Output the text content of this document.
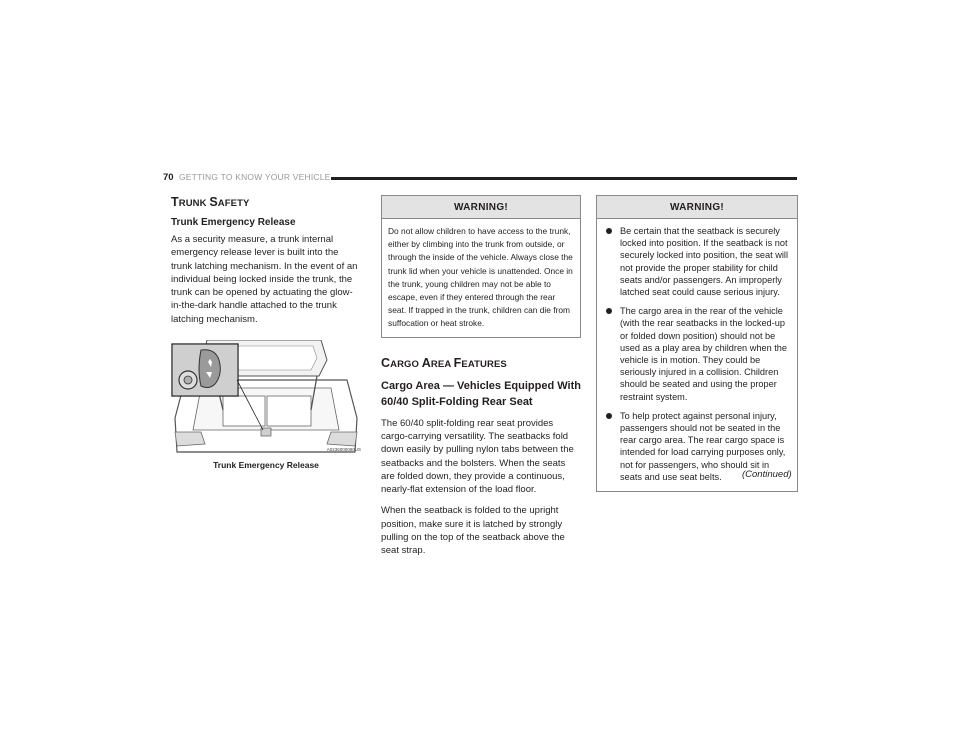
70 GETTING TO KNOW YOUR VEHICLE
TRUNK SAFETY
Trunk Emergency Release

As a security measure, a trunk internal emergency release lever is built into the trunk latching mechanism. In the event of an individual being locked inside the trunk, the trunk can be opened by actuating the glow-in-the-dark handle attached to the trunk latching mechanism.

A0236000090US
Trunk Emergency Release
WARNING!
Do not allow children to have access to the trunk, either by climbing into the trunk from outside, or through the inside of the vehicle. Always close the trunk lid when your vehicle is unattended. Once in the trunk, young children may not be able to escape, even if they entered through the rear seat. If trapped in the trunk, children can die from suffocation or heat stroke.
CARGO AREA FEATURES
Cargo Area — Vehicles Equipped With 60/40 Split-Folding Rear Seat

The 60/40 split-folding rear seat provides cargo-carrying versatility. The seatbacks fold down easily by pulling nylon tabs between the seatbacks and the bolsters. When the seats are folded down, they provide a continuous, nearly-flat extension of the load floor.

When the seatback is folded to the upright position, make sure it is latched by strongly pulling on the top of the seatback above the seat strap.

WARNING!
Be certain that the seatback is securely locked into position. If the seatback is not securely locked into position, the seat will not provide the proper stability for child seats and/or passengers. An improperly latched seat could cause serious injury.
The cargo area in the rear of the vehicle (with the rear seatbacks in the locked-up or folded down position) should not be used as a play area by children when the vehicle is in motion. They could be seriously injured in a collision. Children should be seated and using the proper restraint system.
To help protect against personal injury, passengers should not be seated in the rear cargo area. The rear cargo space is intended for load carrying purposes only, not for passengers, who should sit in seats and use seat belts.	(Continued)
